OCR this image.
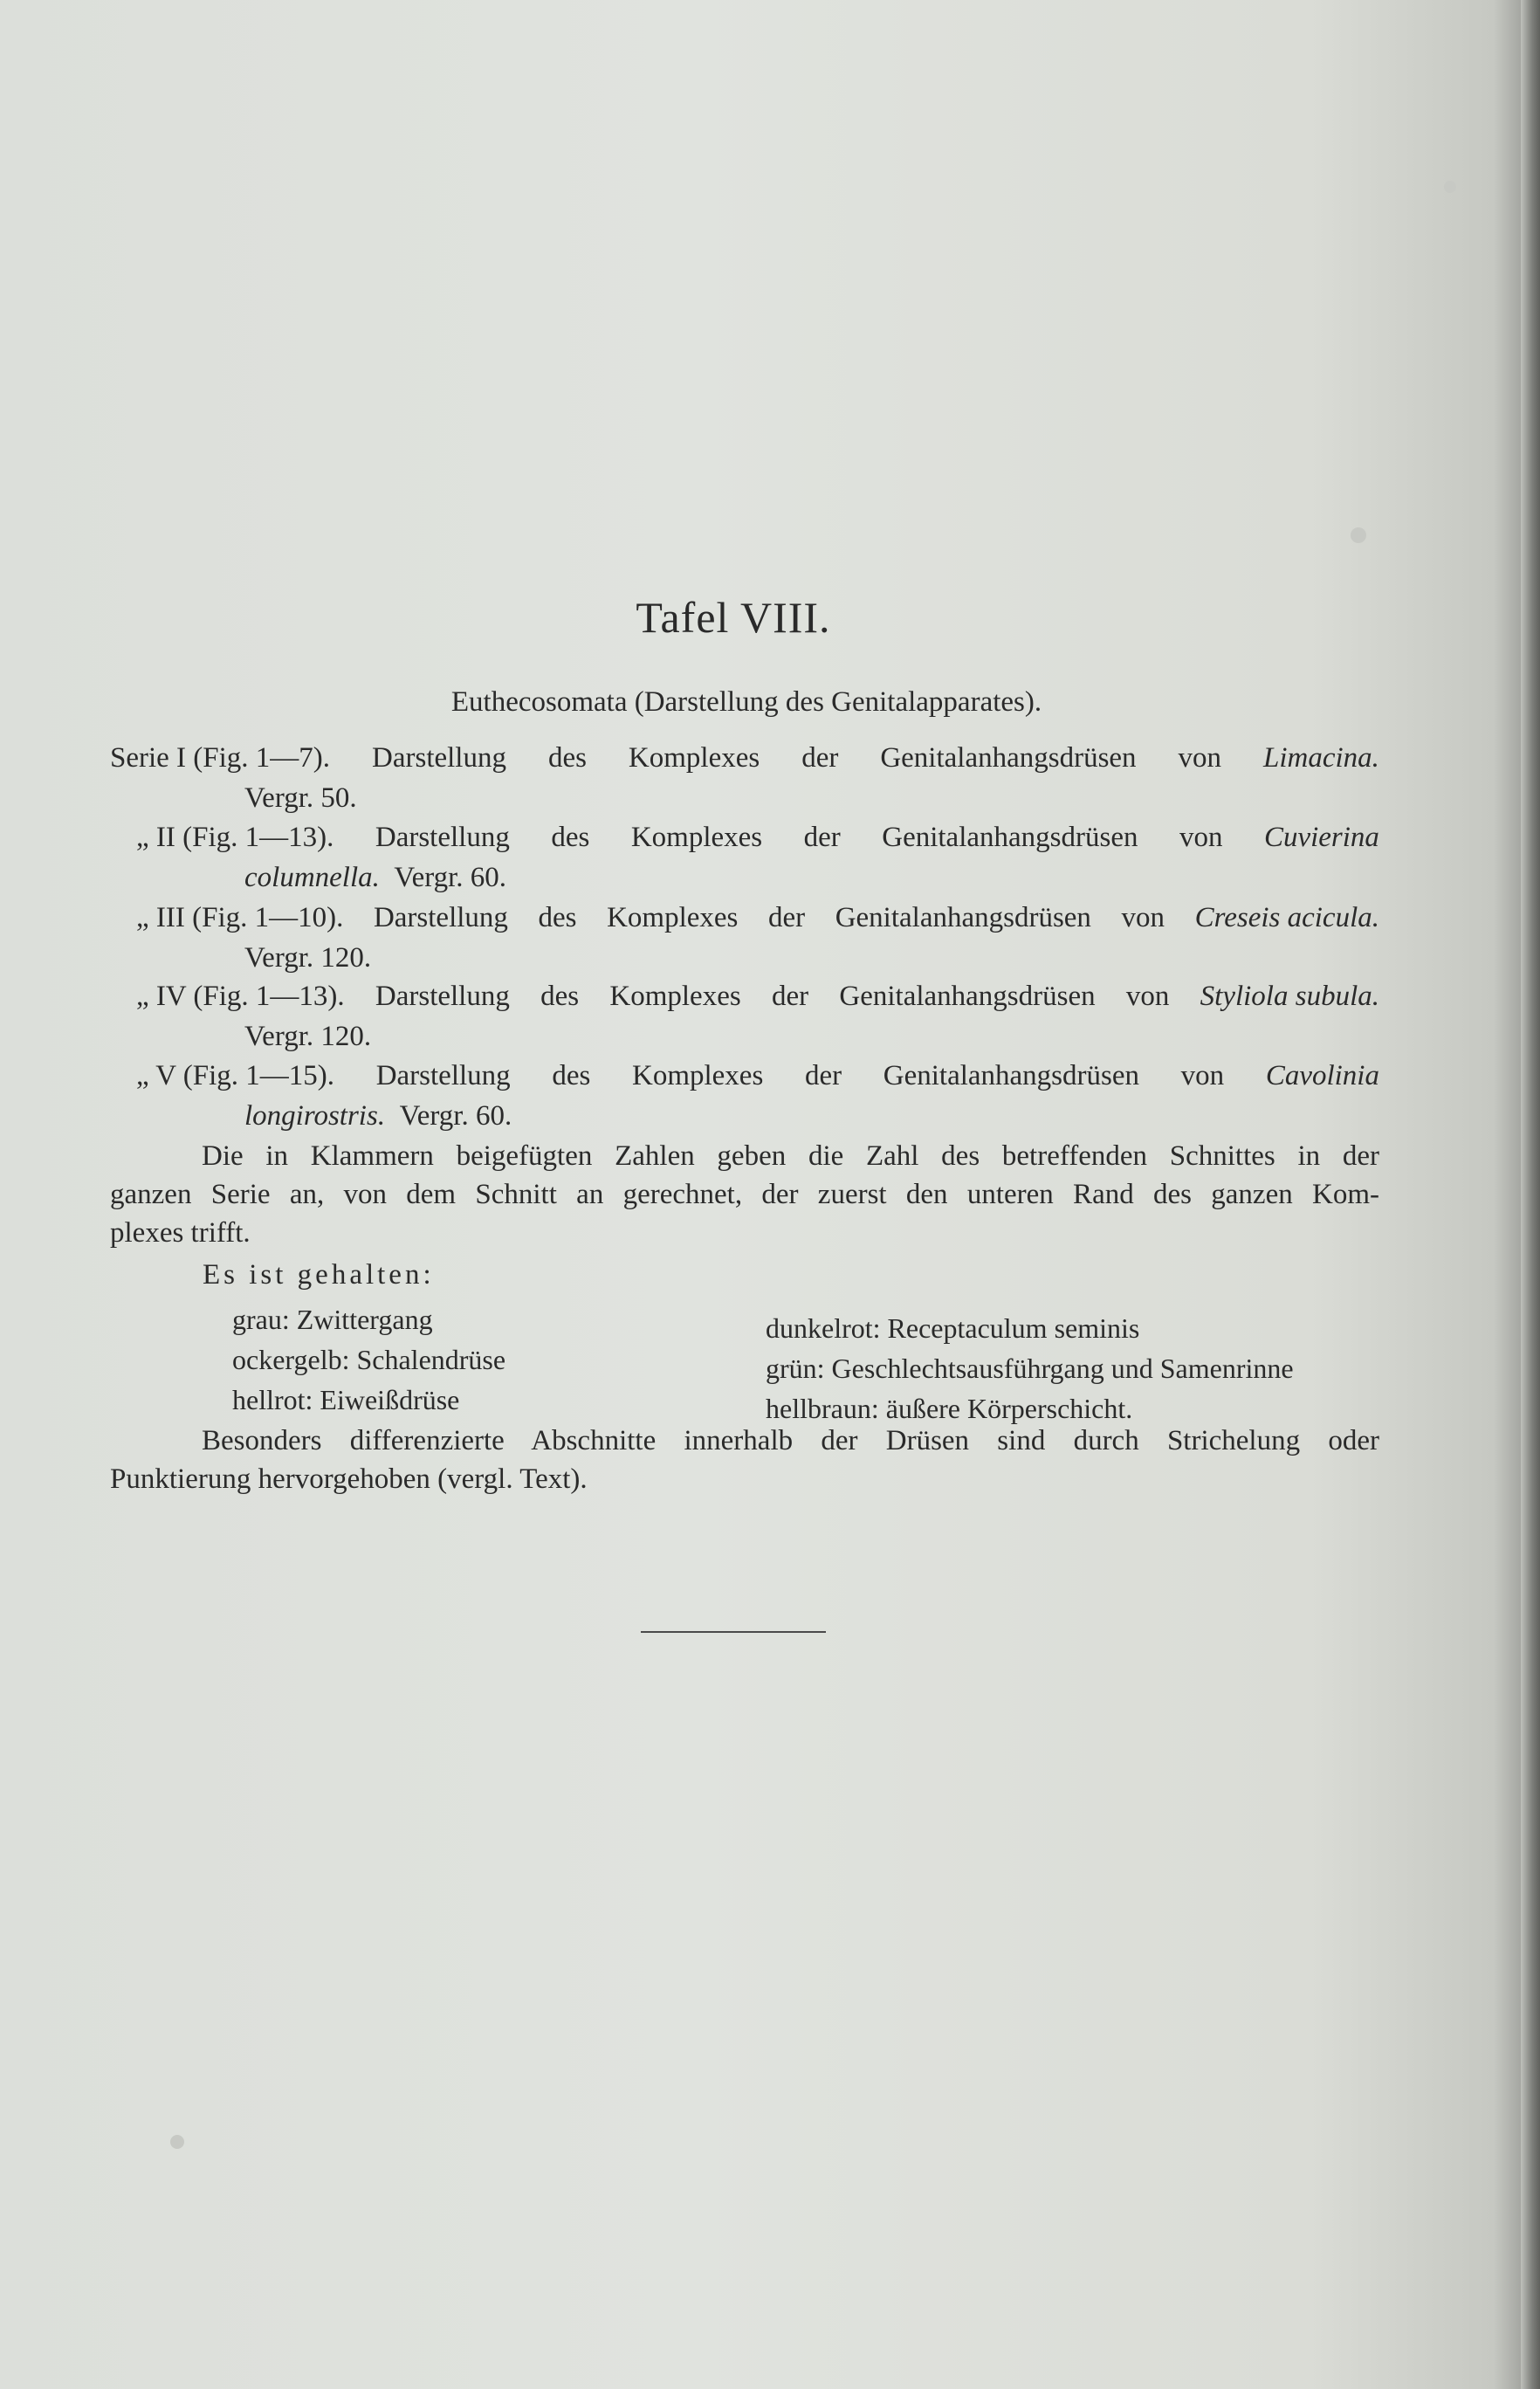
Tafel VIII.
Euthecosomata (Darstellung des Genitalapparates).
Serie I (Fig. 1—7). Darstellung des Komplexes der Genitalanhangsdrüsen von Limacina.
Vergr. 50.
„ II (Fig. 1—13). Darstellung des Komplexes der Genitalanhangsdrüsen von Cuvierina
columnella.
Vergr. 60.
„ III (Fig. 1—10). Darstellung des Komplexes der Genitalanhangsdrüsen von Creseis acicula.
Vergr. 120.
„ IV (Fig. 1—13). Darstellung des Komplexes der Genitalanhangsdrüsen von Styliola subula.
Vergr. 120.
„ V (Fig. 1—15). Darstellung des Komplexes der Genitalanhangsdrüsen von Cavolinia
longirostris.
Vergr. 60.
Die in Klammern beigefügten Zahlen geben die Zahl des betreffenden Schnittes in der
ganzen Serie an, von dem Schnitt an gerechnet, der zuerst den unteren Rand des ganzen Kom-
plexes trifft.
Es ist gehalten:
grau: Zwittergang
ockergelb: Schalendrüse
hellrot: Eiweißdrüse
dunkelrot: Receptaculum seminis
grün: Geschlechtsausführgang und Samenrinne
hellbraun: äußere Körperschicht.
Besonders differenzierte Abschnitte innerhalb der Drüsen sind durch Strichelung oder
Punktierung hervorgehoben (vergl. Text).
